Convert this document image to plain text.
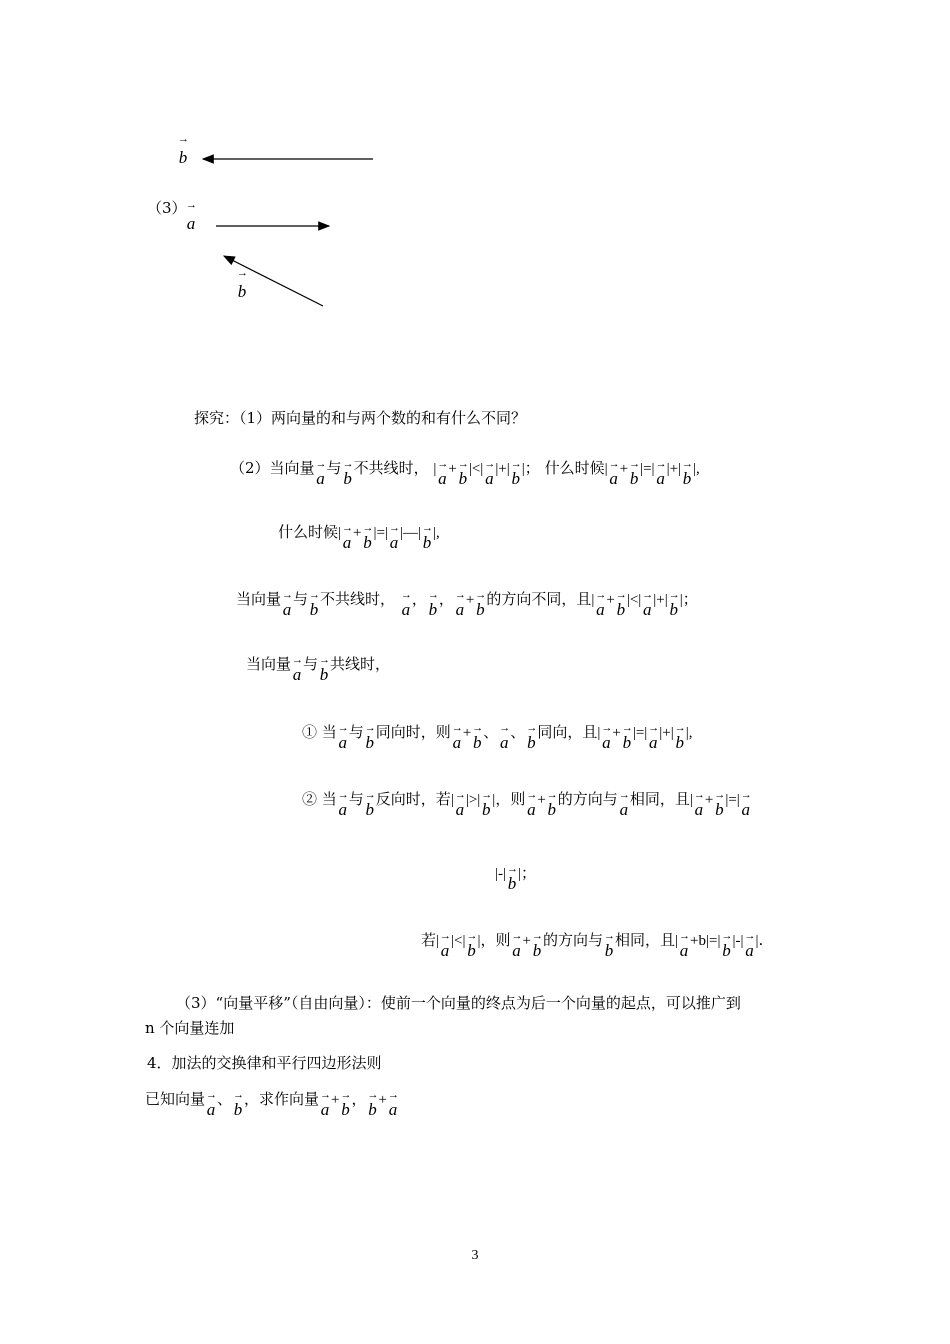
→ b
（3）
→ a
→ b
探究：（1）两向量的和与两个数的和有什么不同？
（2）当向量→ a与→ b不共线时， | → a + → b |<| → a |+| → b |； 什么时候| → a + → b |=| → a |+| → b |,
什么时候| → a + → b |=| → a |—| → b |,
当向量→ a与→ b不共线时， → a，→ b，→ a + → b的方向不同，且| → a + → b |<| → a |+| → b |；
当向量→ a与→ b共线时，
① 当→ a与→ b同向时，则→ a + → b、→ a、→ b同向，且| → a + → b |=| → a |+| → b |,
② 当→ a与→ b反向时，若| → a |>| → b |，则→ a + → b的方向与→ a相同，且| → a + → b |=| → a
|-| → b |；
若| → a |<| → b |，则→ a + → b的方向与→ b相同，且| → a +b|=| → b |-| → a |.
（3）“向量平移”（自由向量）：使前一个向量的终点为后一个向量的起点，可以推广到
n 个向量连加
4．加法的交换律和平行四边形法则
已知向量→ a、→ b，求作向量→ a + → b，→ b + → a
3
